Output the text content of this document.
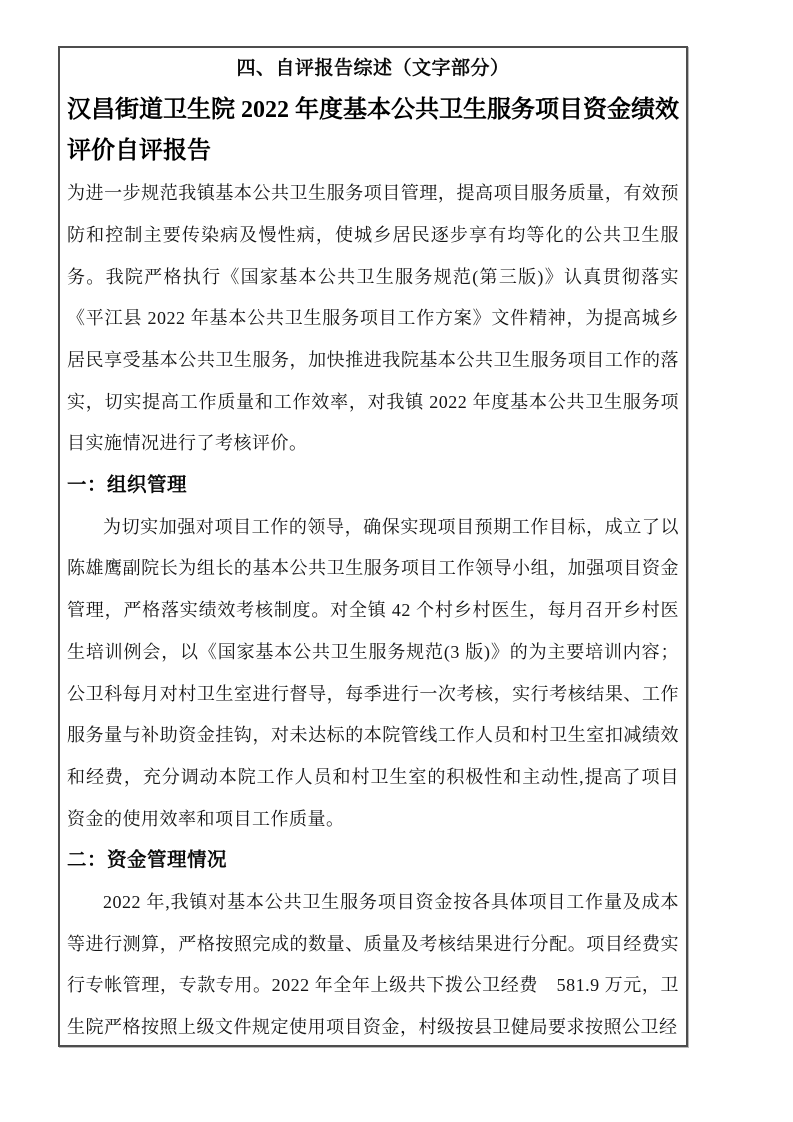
四、自评报告综述（文字部分）
汉昌街道卫生院 2022 年度基本公共卫生服务项目资金绩效
评价自评报告

为进一步规范我镇基本公共卫生服务项目管理，提高项目服务质量，有效预防和控制主要传染病及慢性病，使城乡居民逐步享有均等化的公共卫生服务。我院严格执行《国家基本公共卫生服务规范(第三版)》认真贯彻落实《平江县 2022 年基本公共卫生服务项目工作方案》文件精神，为提高城乡居民享受基本公共卫生服务，加快推进我院基本公共卫生服务项目工作的落实，切实提高工作质量和工作效率，对我镇 2022 年度基本公共卫生服务项目实施情况进行了考核评价。

一：组织管理

为切实加强对项目工作的领导，确保实现项目预期工作目标，成立了以陈雄鹰副院长为组长的基本公共卫生服务项目工作领导小组，加强项目资金管理，严格落实绩效考核制度。对全镇 42 个村乡村医生，每月召开乡村医生培训例会，以《国家基本公共卫生服务规范(3 版)》的为主要培训内容；公卫科每月对村卫生室进行督导，每季进行一次考核，实行考核结果、工作服务量与补助资金挂钩，对未达标的本院管线工作人员和村卫生室扣减绩效和经费，充分调动本院工作人员和村卫生室的积极性和主动性,提高了项目资金的使用效率和项目工作质量。

二：资金管理情况

2022 年,我镇对基本公共卫生服务项目资金按各具体项目工作量及成本等进行测算，严格按照完成的数量、质量及考核结果进行分配。项目经费实行专帐管理，专款专用。2022 年全年上级共下拨公卫经费　581.9 万元，卫生院严格按照上级文件规定使用项目资金，村级按县卫健局要求按照公卫经
